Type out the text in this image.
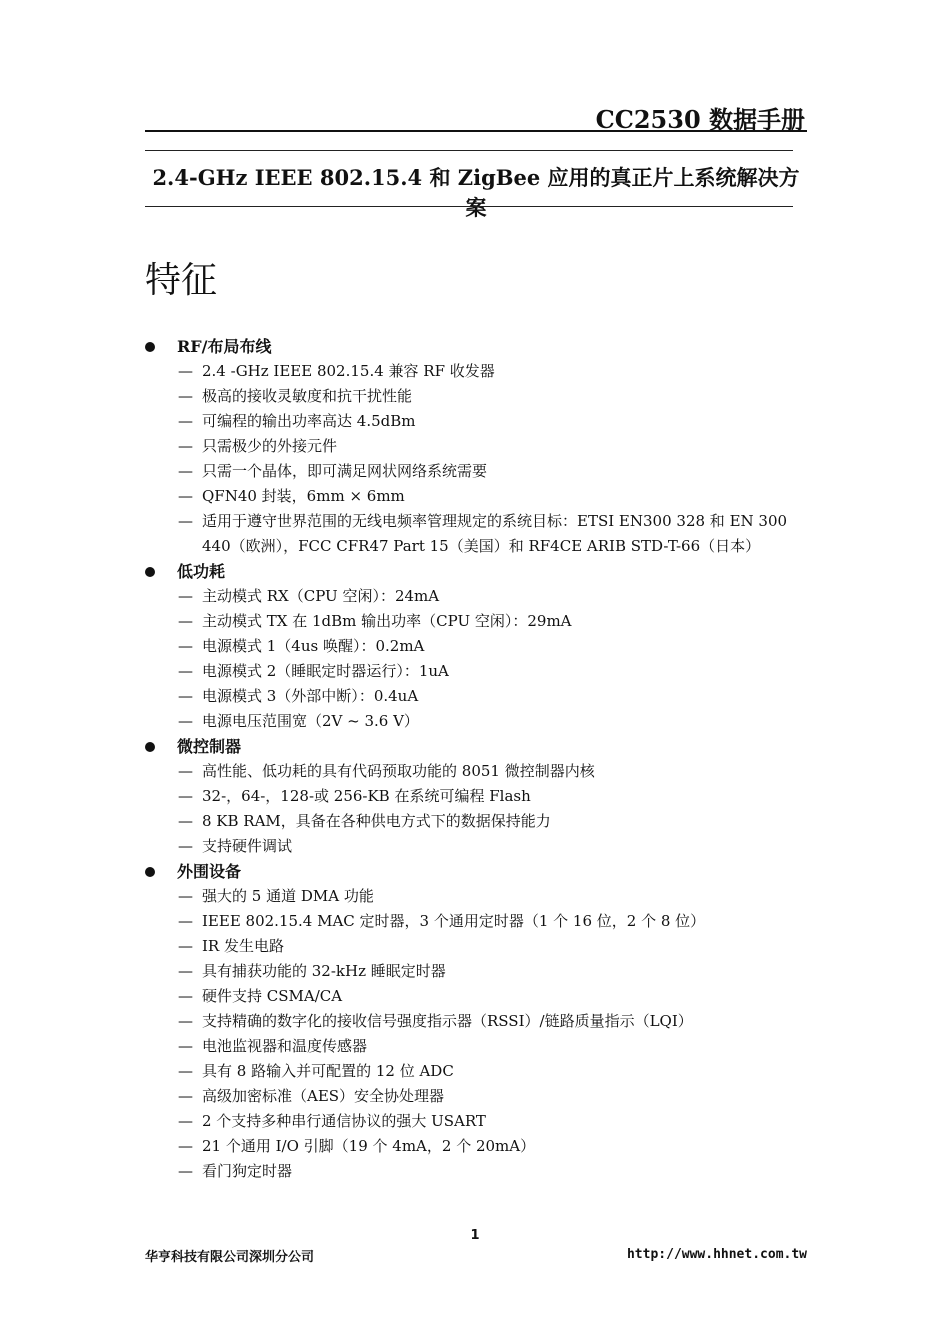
CC2530 数据手册
2.4-GHz IEEE 802.15.4 和 ZigBee 应用的真正片上系统解决方案
特征
RF/布局布线
— 2.4 -GHz IEEE 802.15.4 兼容 RF 收发器
— 极高的接收灵敏度和抗干扰性能
— 可编程的输出功率高达 4.5dBm
— 只需极少的外接元件
— 只需一个晶体，即可满足网状网络系统需要
— QFN40 封装，6mm × 6mm
— 适用于遵守世界范围的无线电频率管理规定的系统目标：ETSI EN300 328 和 EN 300 440（欧洲），FCC CFR47 Part 15（美国）和 RF4CE ARIB STD-T-66（日本）
低功耗
— 主动模式 RX（CPU 空闲）：24mA
— 主动模式 TX 在 1dBm 输出功率（CPU 空闲）：29mA
— 电源模式 1（4us 唤醒）：0.2mA
— 电源模式 2（睡眠定时器运行）：1uA
— 电源模式 3（外部中断）：0.4uA
— 电源电压范围宽（2V ~ 3.6 V）
微控制器
— 高性能、低功耗的具有代码预取功能的 8051 微控制器内核
— 32-，64-，128-或 256-KB 在系统可编程 Flash
— 8 KB RAM，具备在各种供电方式下的数据保持能力
— 支持硬件调试
外围设备
— 强大的 5 通道 DMA 功能
— IEEE 802.15.4 MAC 定时器，3 个通用定时器（1 个 16 位，2 个 8 位）
— IR 发生电路
— 具有捕获功能的 32-kHz 睡眠定时器
— 硬件支持 CSMA/CA
— 支持精确的数字化的接收信号强度指示器（RSSI）/链路质量指示（LQI）
— 电池监视器和温度传感器
— 具有 8 路输入并可配置的 12 位 ADC
— 高级加密标准（AES）安全协处理器
— 2 个支持多种串行通信协议的强大 USART
— 21 个通用 I/O 引脚（19 个 4mA，2 个 20mA）
— 看门狗定时器
1
华亨科技有限公司深圳分公司	http://www.hhnet.com.tw
